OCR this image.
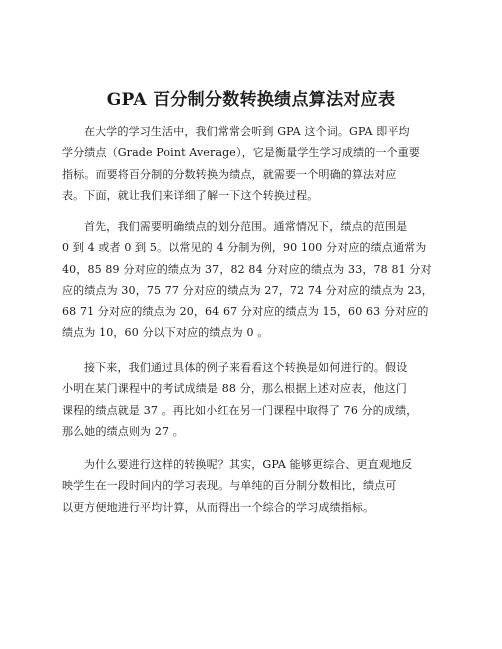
GPA 百分制分数转换绩点算法对应表
在大学的学习生活中，我们常常会听到 GPA 这个词。GPA 即平均
学分绩点（Grade Point Average），它是衡量学生学习成绩的一个重要
指标。而要将百分制的分数转换为绩点，就需要一个明确的算法对应
表。下面，就让我们来详细了解一下这个转换过程。
首先，我们需要明确绩点的划分范围。通常情况下，绩点的范围是
0 到 4 或者 0 到 5。以常见的 4 分制为例，90 100 分对应的绩点通常为
40，85 89 分对应的绩点为 37，82 84 分对应的绩点为 33，78 81 分对
应的绩点为 30，75 77 分对应的绩点为 27，72 74 分对应的绩点为 23，
68 71 分对应的绩点为 20，64 67 分对应的绩点为 15，60 63 分对应的
绩点为 10，60 分以下对应的绩点为 0 。
接下来，我们通过具体的例子来看看这个转换是如何进行的。假设
小明在某门课程中的考试成绩是 88 分，那么根据上述对应表，他这门
课程的绩点就是 37 。再比如小红在另一门课程中取得了 76 分的成绩，
那么她的绩点则为 27 。
为什么要进行这样的转换呢？其实，GPA 能够更综合、更直观地反
映学生在一段时间内的学习表现。与单纯的百分制分数相比，绩点可
以更方便地进行平均计算，从而得出一个综合的学习成绩指标。
